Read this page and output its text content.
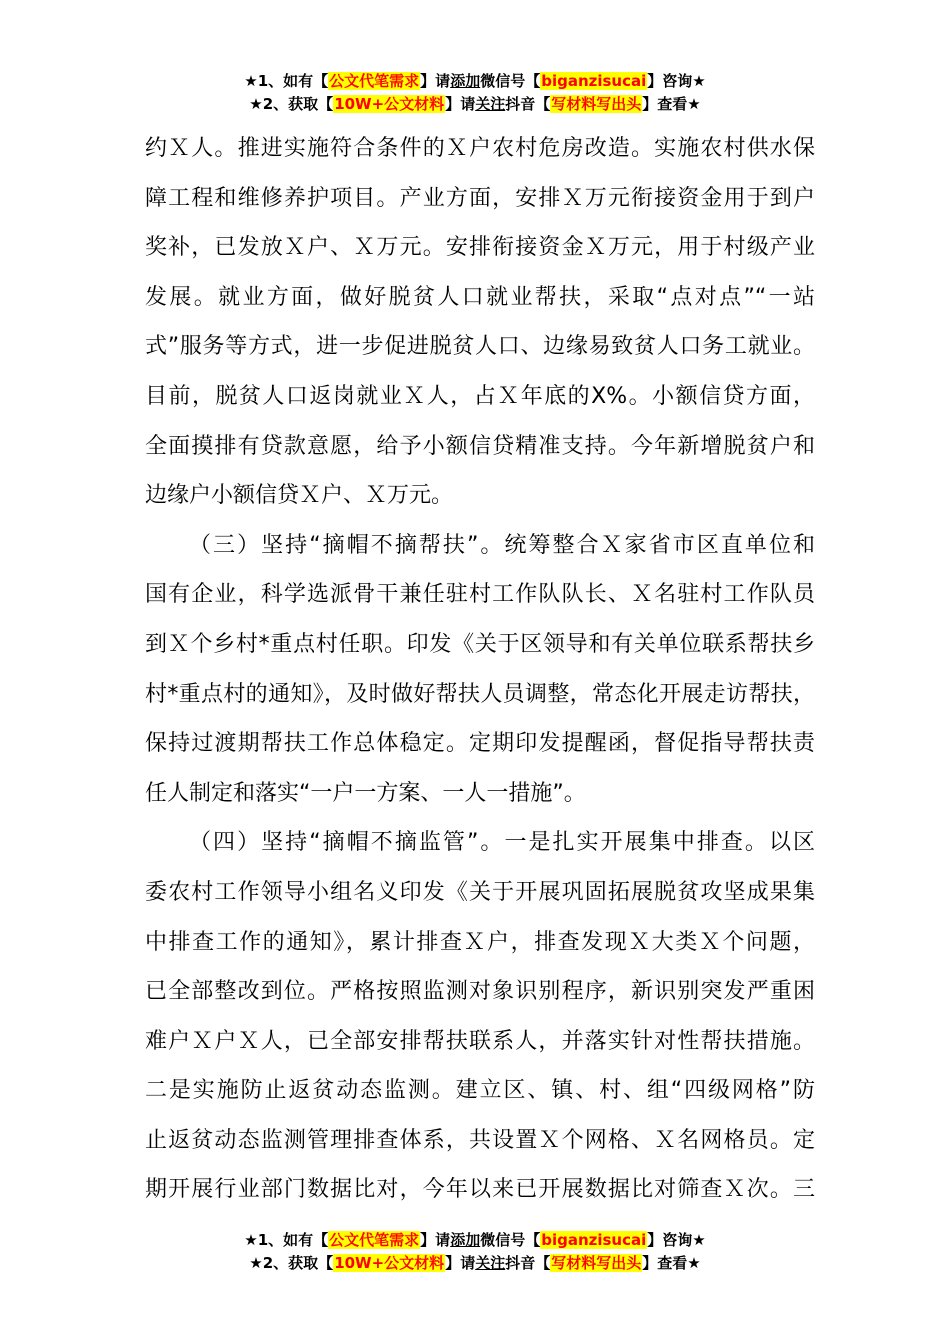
★1、如有【公文代笔需求】请添加微信号【biganzisucai】咨询★
★2、获取【10W+公文材料】请关注抖音【写材料写出头】查看★
约Ｘ人。推进实施符合条件的Ｘ户农村危房改造。实施农村供水保
障工程和维修养护项目。产业方面，安排Ｘ万元衔接资金用于到户
奖补，已发放Ｘ户、Ｘ万元。安排衔接资金Ｘ万元，用于村级产业
发展。就业方面，做好脱贫人口就业帮扶，采取“点对点”“一站
式”服务等方式，进一步促进脱贫人口、边缘易致贫人口务工就业。
目前，脱贫人口返岗就业Ｘ人，占Ｘ年底的X%。小额信贷方面，
全面摸排有贷款意愿，给予小额信贷精准支持。今年新增脱贫户和
边缘户小额信贷Ｘ户、Ｘ万元。
（三）坚持“摘帽不摘帮扶”。统筹整合Ｘ家省市区直单位和
国有企业，科学选派骨干兼任驻村工作队队长、Ｘ名驻村工作队员
到Ｘ个乡村*重点村任职。印发《关于区领导和有关单位联系帮扶乡
村*重点村的通知》，及时做好帮扶人员调整，常态化开展走访帮扶，
保持过渡期帮扶工作总体稳定。定期印发提醒函，督促指导帮扶责
任人制定和落实“一户一方案、一人一措施”。
（四）坚持“摘帽不摘监管”。一是扎实开展集中排查。以区
委农村工作领导小组名义印发《关于开展巩固拓展脱贫攻坚成果集
中排查工作的通知》，累计排查Ｘ户，排查发现Ｘ大类Ｘ个问题，
已全部整改到位。严格按照监测对象识别程序，新识别突发严重困
难户Ｘ户Ｘ人，已全部安排帮扶联系人，并落实针对性帮扶措施。
二是实施防止返贫动态监测。建立区、镇、村、组“四级网格”防
止返贫动态监测管理排查体系，共设置Ｘ个网格、Ｘ名网格员。定
期开展行业部门数据比对，今年以来已开展数据比对筛查Ｘ次。三
★1、如有【公文代笔需求】请添加微信号【biganzisucai】咨询★
★2、获取【10W+公文材料】请关注抖音【写材料写出头】查看★
